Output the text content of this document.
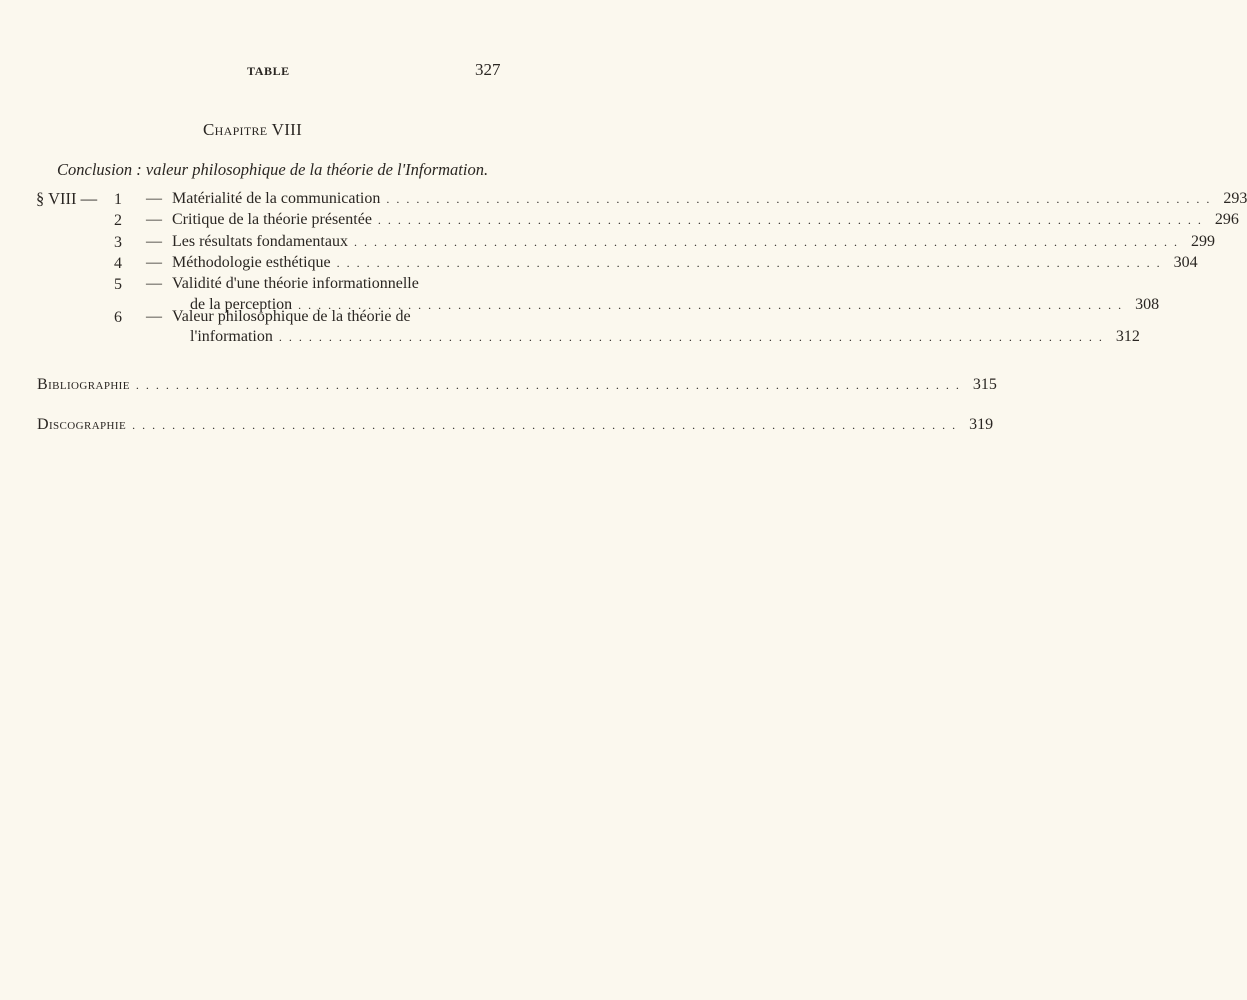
TABLE	327
Chapitre VIII
Conclusion : valeur philosophique de la théorie de l'Information.
§ VIII —	1 — Matérialité de la communication . . . . . . . . . . . . . . . . . . . . . . . . . . . . . . . . . . . . . . . . . . . . . . . . . . . . . . . . . . . . . . . . . . . . . . . . . . . . . . . . . . . 293
2 — Critique de la théorie présentée . . . . . . . . . . . . . . . . . . . . . . . . . . . . . . . . . . . . . . . . . . . . . . . . . . . . . . . . . . . . . . . . . . . . . . . . . . . . . . . . . . . 296
3 — Les résultats fondamentaux . . . . . . . . . . . . . . . . . . . . . . . . . . . . . . . . . . . . . . . . . . . . . . . . . . . . . . . . . . . . . . . . . . . . . . . . . . . . . . . . . . . 299
4 — Méthodologie esthétique . . . . . . . . . . . . . . . . . . . . . . . . . . . . . . . . . . . . . . . . . . . . . . . . . . . . . . . . . . . . . . . . . . . . . . . . . . . . . . . . . . . 304
5 — Validité d'une théorie informationnelle
de la perception . . . . . . . . . . . . . . . . . . . . . . . . . . . . . . . . . . . . . . . . . . . . . . . . . . . . . . . . . . . . . . . . . . . . . . . . . . . . . . . . . . . 308
6 — Valeur philosophique de la théorie de
l'information . . . . . . . . . . . . . . . . . . . . . . . . . . . . . . . . . . . . . . . . . . . . . . . . . . . . . . . . . . . . . . . . . . . . . . . . . . . . . . . . . . . 312
Bibliographie . . . . . . . . . . . . . . . . . . . . . . . . . . . . . . . . . . . . . . . . . . . . . . . . . . . . . . . . . . . . . . . . . . . . . . . . . . . . . . . . . . . 315
Discographie . . . . . . . . . . . . . . . . . . . . . . . . . . . . . . . . . . . . . . . . . . . . . . . . . . . . . . . . . . . . . . . . . . . . . . . . . . . . . . . . . . . 319
